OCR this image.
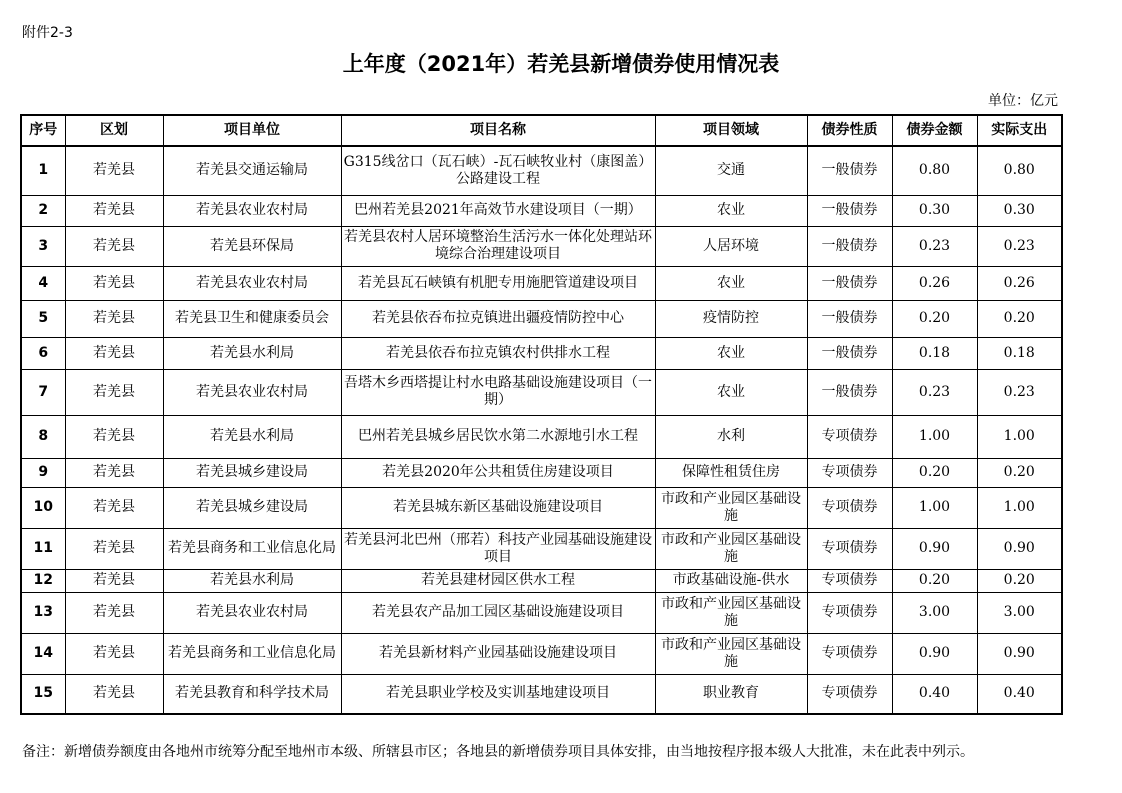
附件2-3
上年度（2021年）若羌县新增债券使用情况表
单位：亿元
序号	区划	项目单位	项目名称	项目领域	债券性质	债券金额	实际支出
1	若羌县	若羌县交通运输局	G315线岔口（瓦石峡）-瓦石峡牧业村（康图盖）公路建设工程	交通	一般债券	0.80	0.80
2	若羌县	若羌县农业农村局	巴州若羌县2021年高效节水建设项目（一期）	农业	一般债券	0.30	0.30
3	若羌县	若羌县环保局	若羌县农村人居环境整治生活污水一体化处理站环境综合治理建设项目	人居环境	一般债券	0.23	0.23
4	若羌县	若羌县农业农村局	若羌县瓦石峡镇有机肥专用施肥管道建设项目	农业	一般债券	0.26	0.26
5	若羌县	若羌县卫生和健康委员会	若羌县依吞布拉克镇进出疆疫情防控中心	疫情防控	一般债券	0.20	0.20
6	若羌县	若羌县水利局	若羌县依吞布拉克镇农村供排水工程	农业	一般债券	0.18	0.18
7	若羌县	若羌县农业农村局	吾塔木乡西塔提让村水电路基础设施建设项目（一期）	农业	一般债券	0.23	0.23
8	若羌县	若羌县水利局	巴州若羌县城乡居民饮水第二水源地引水工程	水利	专项债券	1.00	1.00
9	若羌县	若羌县城乡建设局	若羌县2020年公共租赁住房建设项目	保障性租赁住房	专项债券	0.20	0.20
10	若羌县	若羌县城乡建设局	若羌县城东新区基础设施建设项目	市政和产业园区基础设施	专项债券	1.00	1.00
11	若羌县	若羌县商务和工业信息化局	若羌县河北巴州（邢若）科技产业园基础设施建设项目	市政和产业园区基础设施	专项债券	0.90	0.90
12	若羌县	若羌县水利局	若羌县建材园区供水工程	市政基础设施-供水	专项债券	0.20	0.20
13	若羌县	若羌县农业农村局	若羌县农产品加工园区基础设施建设项目	市政和产业园区基础设施	专项债券	3.00	3.00
14	若羌县	若羌县商务和工业信息化局	若羌县新材料产业园基础设施建设项目	市政和产业园区基础设施	专项债券	0.90	0.90
15	若羌县	若羌县教育和科学技术局	若羌县职业学校及实训基地建设项目	职业教育	专项债券	0.40	0.40
备注：新增债券额度由各地州市统筹分配至地州市本级、所辖县市区；各地县的新增债券项目具体安排，由当地按程序报本级人大批准，未在此表中列示。
